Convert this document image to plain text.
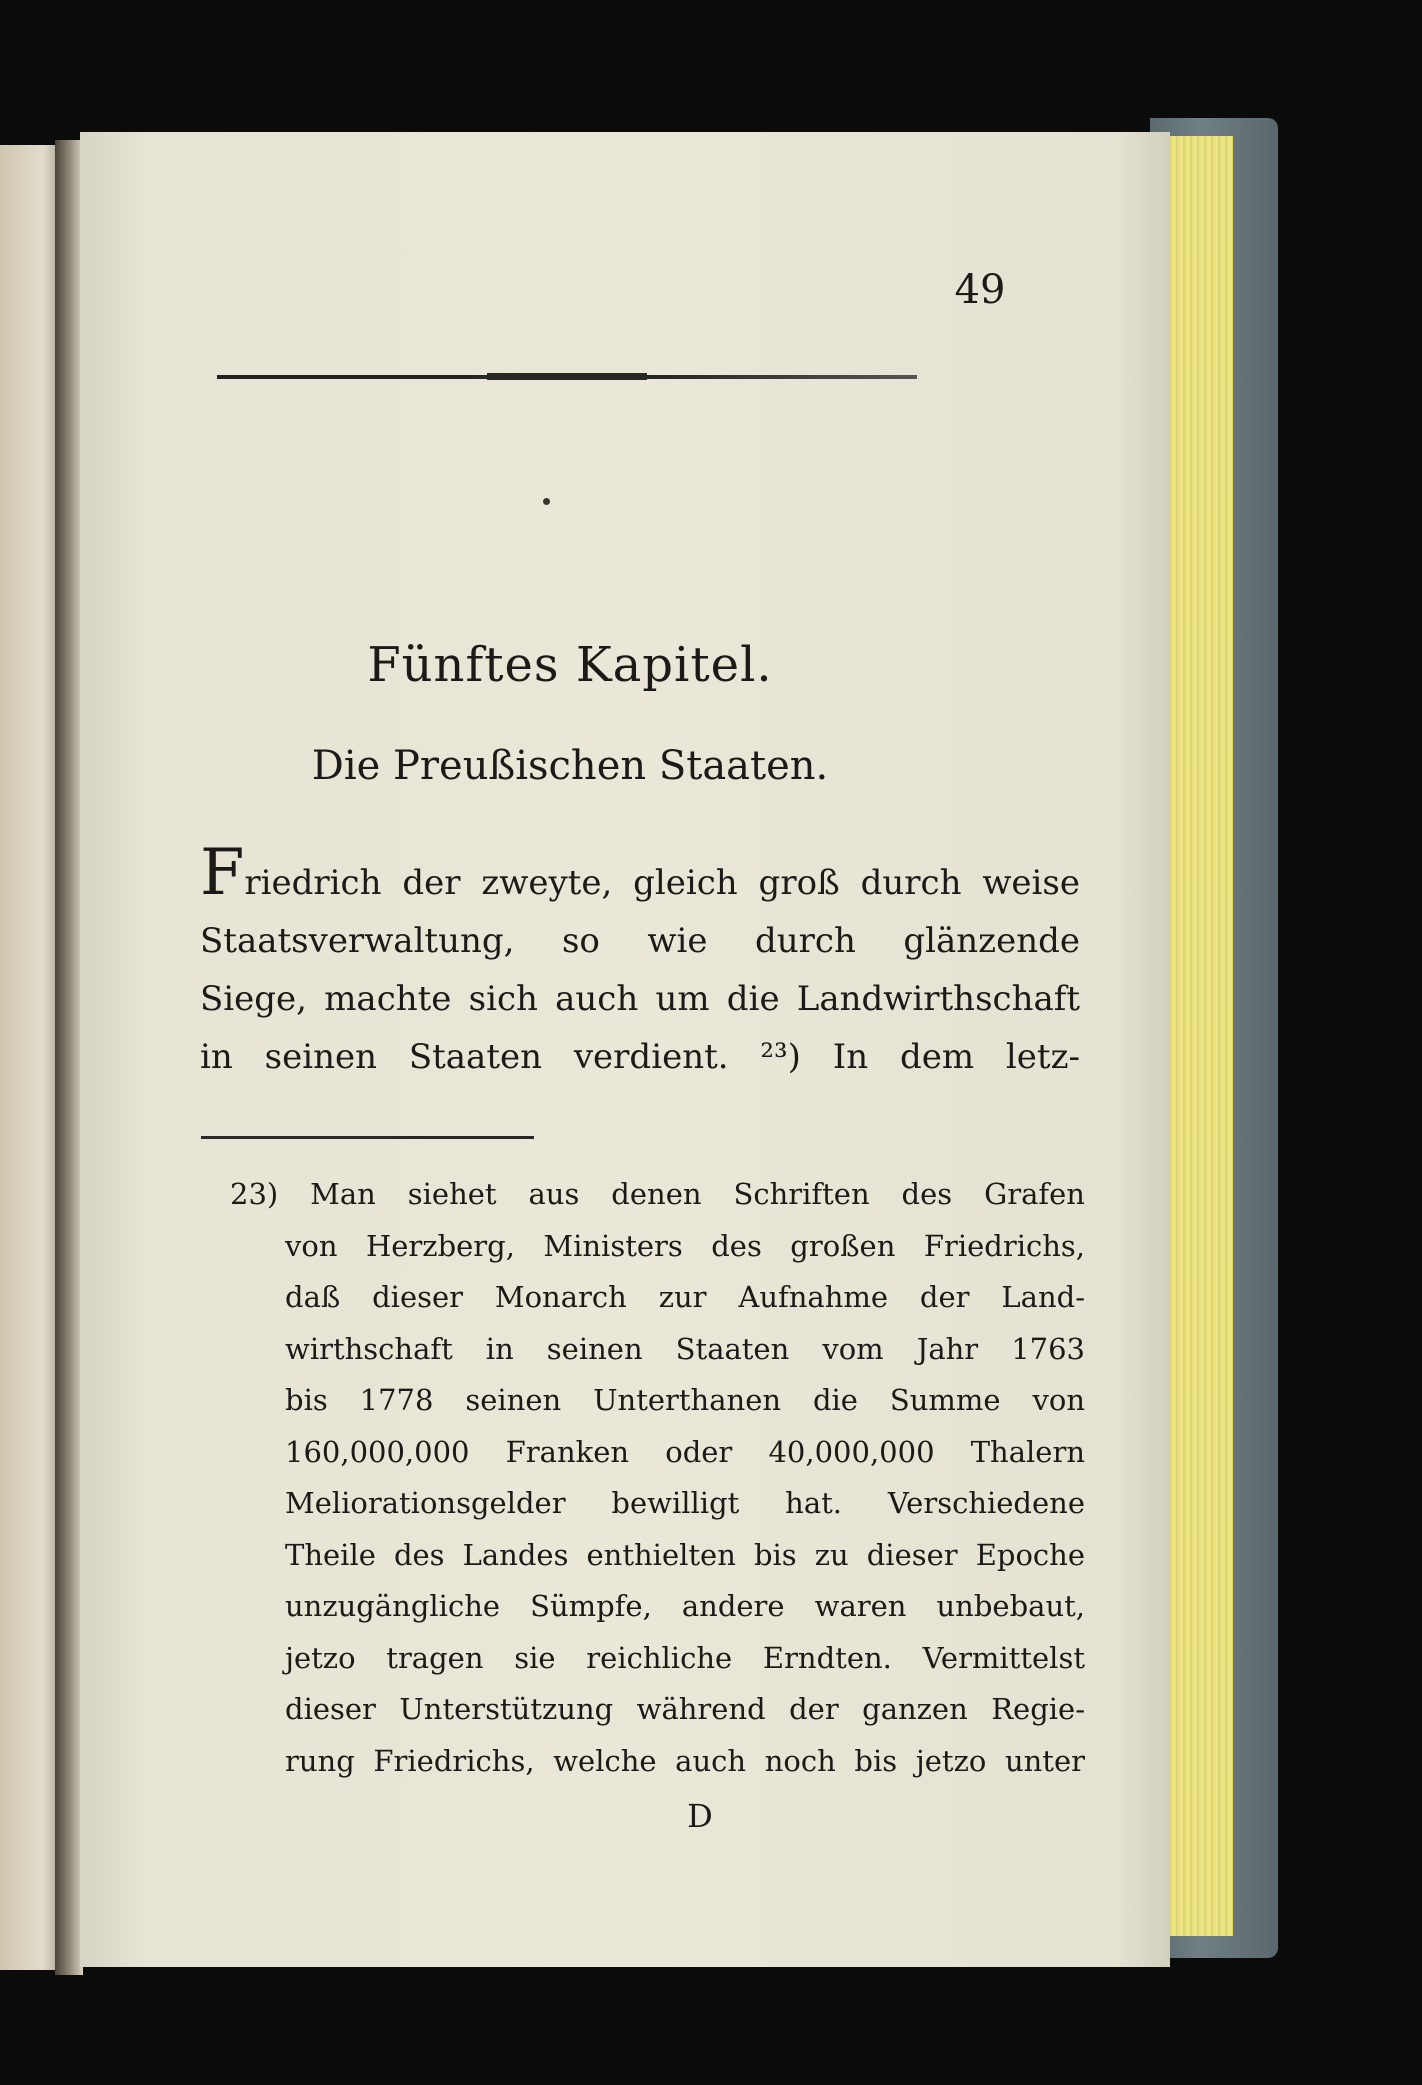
49
Fünftes Kapitel.
Die Preußischen Staaten.
Friedrich der zweyte, gleich groß durch weise
Staatsverwaltung, so wie durch glänzende
Siege, machte sich auch um die Landwirthschaft
in seinen Staaten verdient. ²³) In dem letz-
23) Man siehet aus denen Schriften des Grafen
von Herzberg, Ministers des großen Friedrichs,
daß dieser Monarch zur Aufnahme der Land-
wirthschaft in seinen Staaten vom Jahr 1763
bis 1778 seinen Unterthanen die Summe von
160,000,000 Franken oder 40,000,000 Thalern
Meliorationsgelder bewilligt hat. Verschiedene
Theile des Landes enthielten bis zu dieser Epoche
unzugängliche Sümpfe, andere waren unbebaut,
jetzo tragen sie reichliche Erndten. Vermittelst
dieser Unterstützung während der ganzen Regie-
rung Friedrichs, welche auch noch bis jetzo unter
D
